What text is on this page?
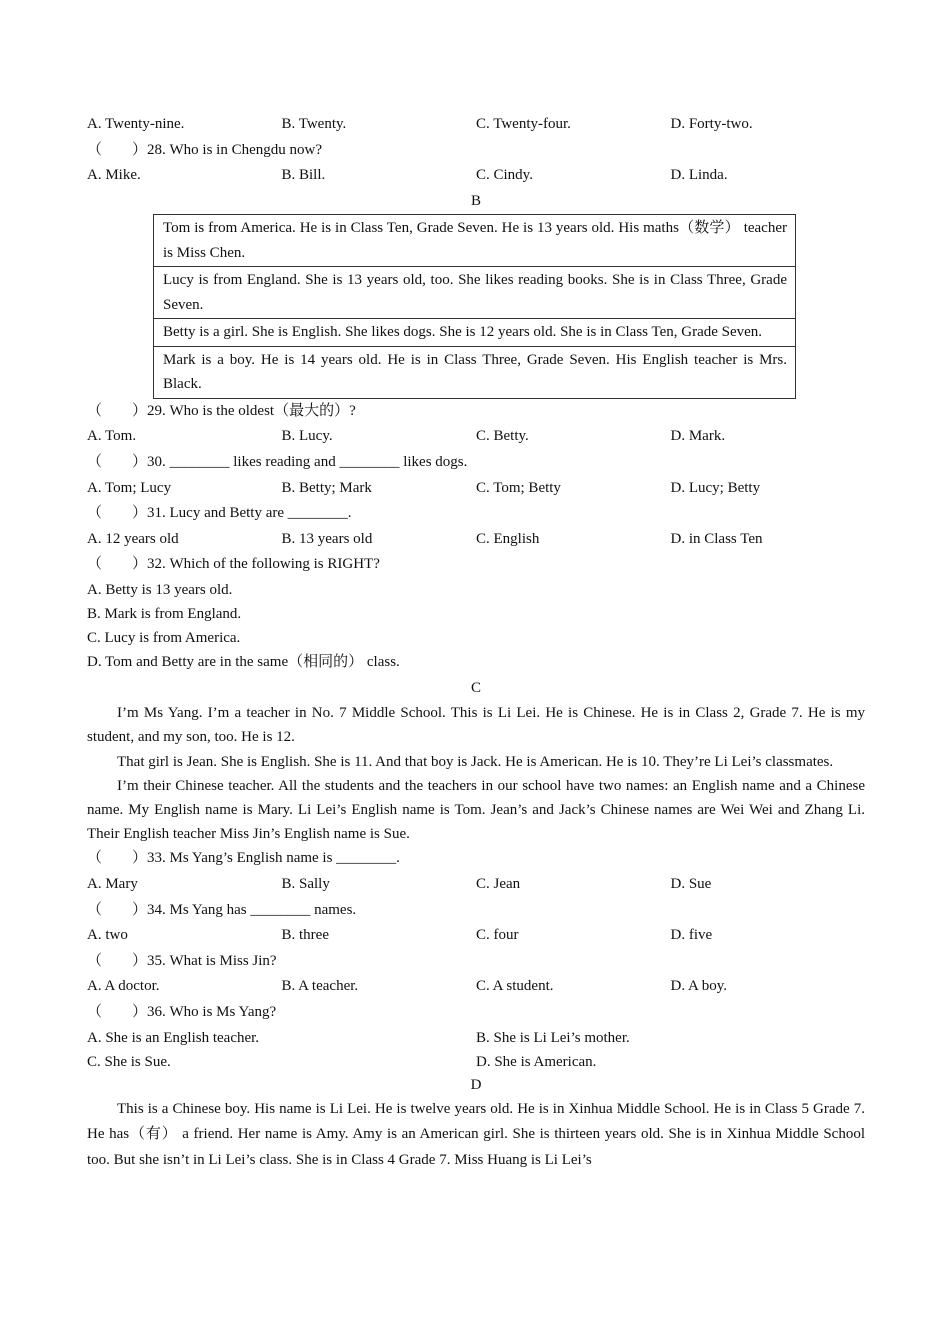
A. Twenty-nine.	B. Twenty.	C. Twenty-four.	D. Forty-two.
（　　）28. Who is in Chengdu now?
A. Mike.	B. Bill.	C. Cindy.	D. Linda.
B
Tom is from America. He is in Class Ten, Grade Seven. He is 13 years old. His maths（数学） teacher is Miss Chen.
Lucy is from England. She is 13 years old, too. She likes reading books. She is in Class Three, Grade Seven.
Betty is a girl. She is English. She likes dogs. She is 12 years old. She is in Class Ten, Grade Seven.
Mark is a boy. He is 14 years old. He is in Class Three, Grade Seven. His English teacher is Mrs. Black.
（　　）29. Who is the oldest（最大的）?
A. Tom.	B. Lucy.	C. Betty.	D. Mark.
（　　）30. ________ likes reading and ________ likes dogs.
A. Tom; Lucy	B. Betty; Mark	C. Tom; Betty	D. Lucy; Betty
（　　）31. Lucy and Betty are ________.
A. 12 years old	B. 13 years old	C. English	D. in Class Ten
（　　）32. Which of the following is RIGHT?
A. Betty is 13 years old.
B. Mark is from England.
C. Lucy is from America.
D. Tom and Betty are in the same（相同的） class.
C

I’m Ms Yang. I’m a teacher in No. 7 Middle School. This is Li Lei. He is Chinese. He is in Class 2, Grade 7. He is my student, and my son, too. He is 12.

That girl is Jean. She is English. She is 11. And that boy is Jack. He is American. He is 10. They’re Li Lei’s classmates.

I’m their Chinese teacher. All the students and the teachers in our school have two names: an English name and a Chinese name. My English name is Mary. Li Lei’s English name is Tom. Jean’s and Jack’s Chinese names are Wei Wei and Zhang Li. Their English teacher Miss Jin’s English name is Sue.

（　　）33. Ms Yang’s English name is ________.
A. Mary	B. Sally	C. Jean	D. Sue
（　　）34. Ms Yang has ________ names.
A. two	B. three	C. four	D. five
（　　）35. What is Miss Jin?
A. A doctor.	B. A teacher.	C. A student.	D. A boy.
（　　）36. Who is Ms Yang?
A. She is an English teacher.	B. She is Li Lei’s mother.
C. She is Sue.	D. She is American.
D

This is a Chinese boy. His name is Li Lei. He is twelve years old. He is in Xinhua Middle School. He is in Class 5 Grade 7. He has（有） a friend. Her name is Amy. Amy is an American girl. She is thirteen years old. She is in Xinhua Middle School too. But she isn’t in Li Lei’s class. She is in Class 4 Grade 7. Miss Huang is Li Lei’s
